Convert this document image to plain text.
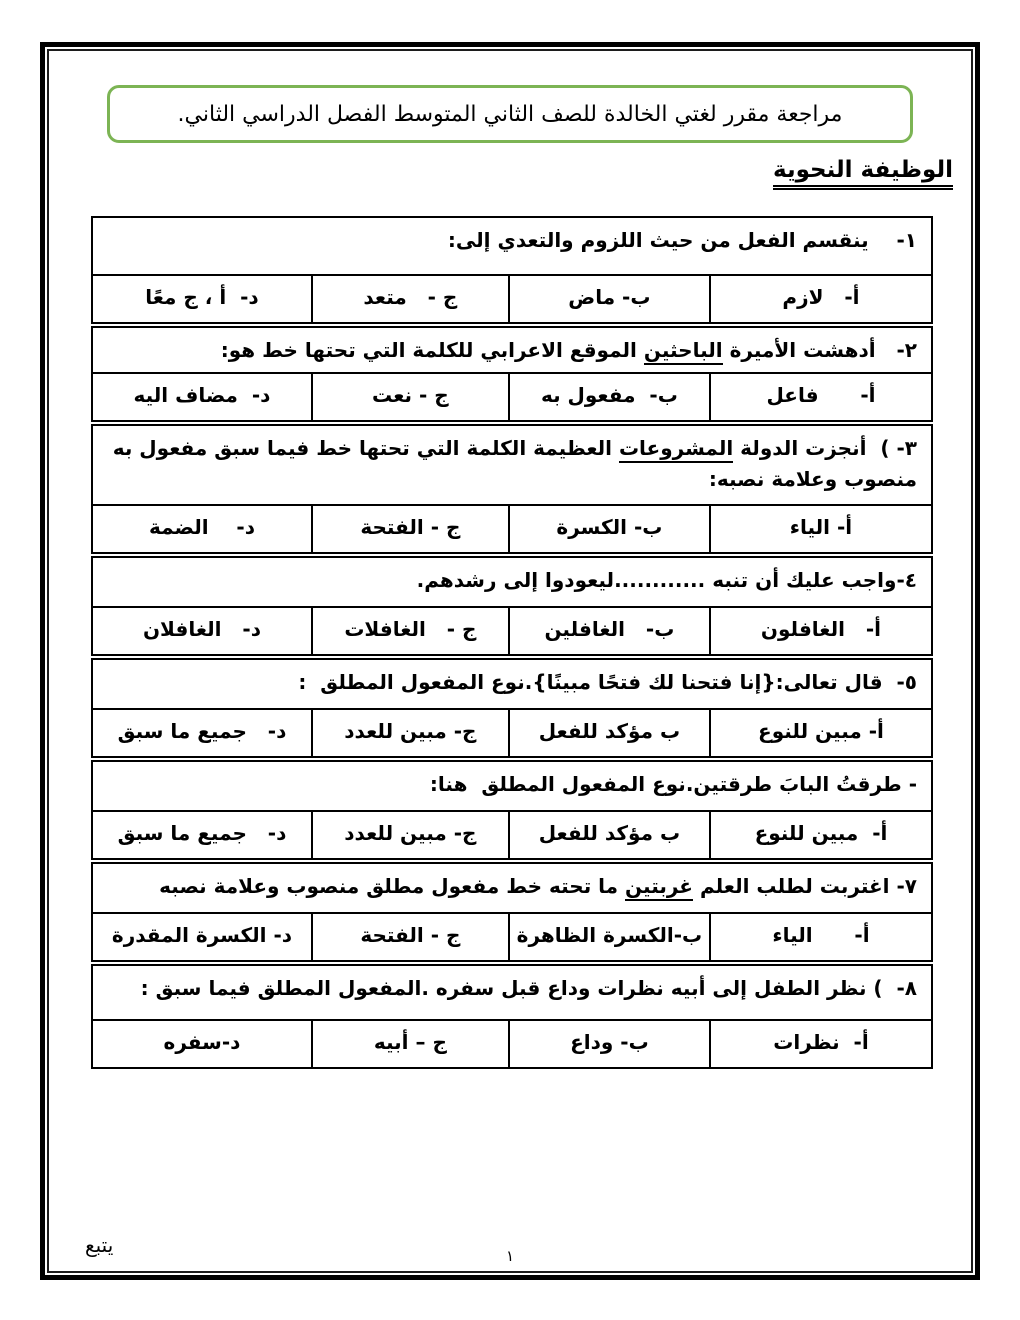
مراجعة مقرر لغتي الخالدة للصف الثاني المتوسط الفصل الدراسي الثاني.
الوظيفة النحوية
١-    ينقسم الفعل من حيث اللزوم والتعدي إلى:
أ-   لازم
ب- ماض
ج -   متعد
د-  أ ، ج معًا
٢-   أدهشت الأميرة الباحثين الموقع الاعرابي للكلمة التي تحتها خط هو:
أ-      فاعل
ب-  مفعول به
ج - نعت
د-  مضاف اليه
٣- )  أنجزت الدولة المشروعات العظيمة الكلمة التي تحتها خط فيما سبق مفعول به منصوب وعلامة نصبه:
أ- الياء
ب- الكسرة
ج - الفتحة
د-    الضمة
٤-واجب عليك أن تنبه ............ليعودوا إلى رشدهم.
أ-   الغافلون
ب-   الغافلين
ج -   الغافلات
د-   الغافلان
٥-  قال تعالى:{إنا فتحنا لك فتحًا مبينًا}.نوع المفعول المطلق  :
أ- مبين للنوع
ب مؤكد للفعل
ج- مبين للعدد
د-   جميع ما سبق
- طرقتُ البابَ طرقتين.نوع المفعول المطلق  هنا:
أ-  مبين للنوع
ب مؤكد للفعل
ج- مبين للعدد
د-   جميع ما سبق
٧- اغتربت لطلب العلم غربتين ما تحته خط مفعول مطلق منصوب وعلامة نصبه
أ-      الياء
ب-الكسرة الظاهرة
ج - الفتحة
د- الكسرة المقدرة
٨-  ) نظر الطفل إلى أبيه نظرات وداع قبل سفره .المفعول المطلق فيما سبق :
أ-  نظرات
ب- وداع
ج – أبيه
د-سفره
يتبع	١
